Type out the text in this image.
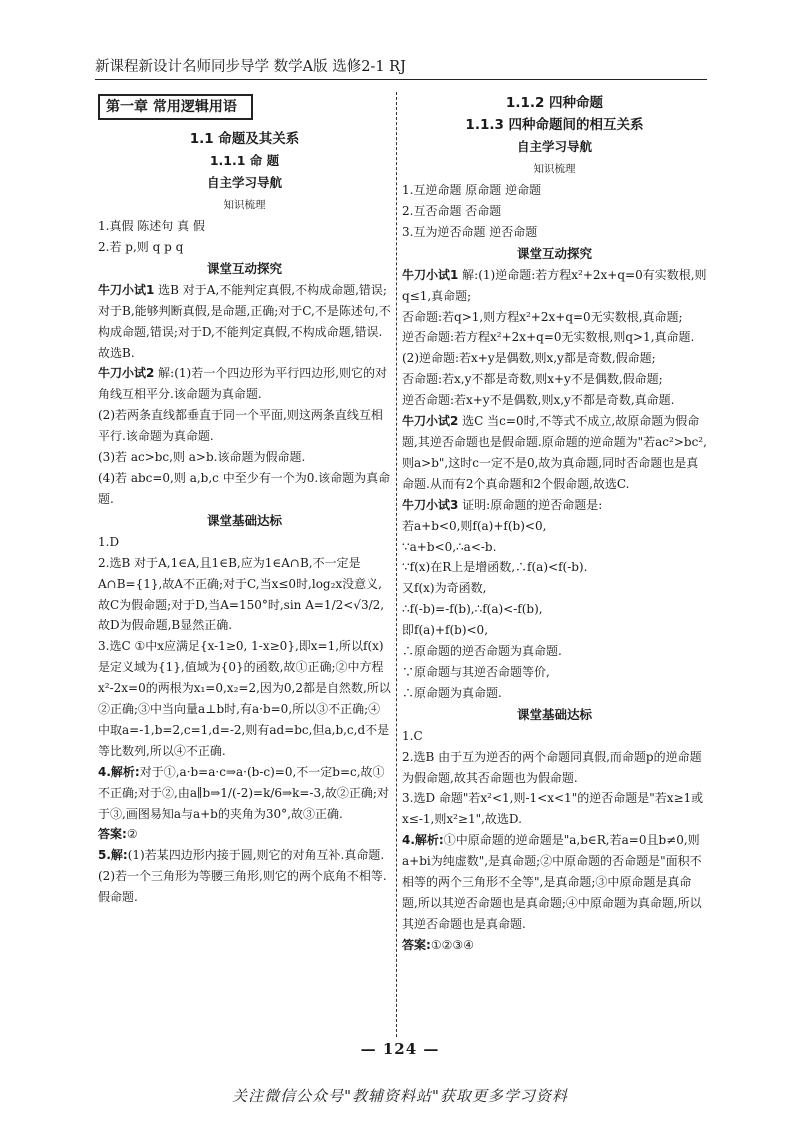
新课程新设计名师同步导学 数学A版 选修2-1 RJ
第一章 常用逻辑用语
1.1 命题及其关系
1.1.1 命 题
自主学习导航
知识梳理
1.真假 陈述句 真 假
2.若 p,则 q p q
课堂互动探究
牛刀小试1 选B 对于A,不能判定真假,不构成命题,错误;对于B,能够判断真假,是命题,正确;对于C,不是陈述句,不构成命题,错误;对于D,不能判定真假,不构成命题,错误.故选B.
牛刀小试2 解:(1)若一个四边形为平行四边形,则它的对角线互相平分.该命题为真命题.
(2)若两条直线都垂直于同一个平面,则这两条直线互相平行.该命题为真命题.
(3)若 ac>bc,则 a>b.该命题为假命题.
(4)若 abc=0,则 a,b,c 中至少有一个为0.该命题为真命题.
课堂基础达标
1.D
2.选B 对于A,1∈A,且1∈B,应为1∈A∩B,不一定是A∩B={1},故A不正确;对于C,当x≤0时,log₂x没意义,故C为假命题;对于D,当A=150°时,sin A=1/2<√3/2,故D为假命题,B显然正确.
3.选C ①中x应满足{x-1≥0, 1-x≥0},即x=1,所以f(x)是定义域为{1},值域为{0}的函数,故①正确;②中方程x²-2x=0的两根为x₁=0,x₂=2,因为0,2都是自然数,所以②正确;③中当向量a⊥b时,有a·b=0,所以③不正确;④中取a=-1,b=2,c=1,d=-2,则有ad=bc,但a,b,c,d不是等比数列,所以④不正确.
4.解析:对于①,a·b=a·c⇒a·(b-c)=0,不一定b=c,故①不正确;对于②,由a∥b⇒1/(-2)=k/6⇒k=-3,故②正确;对于③,画图易知a与a+b的夹角为30°,故③正确.
答案:②
5.解:(1)若某四边形内接于圆,则它的对角互补.真命题.
(2)若一个三角形为等腰三角形,则它的两个底角不相等.假命题.
1.1.2 四种命题
1.1.3 四种命题间的相互关系
自主学习导航
知识梳理
1.互逆命题 原命题 逆命题
2.互否命题 否命题
3.互为逆否命题 逆否命题
课堂互动探究
牛刀小试1 解:(1)逆命题:若方程x²+2x+q=0有实数根,则q≤1,真命题;
否命题:若q>1,则方程x²+2x+q=0无实数根,真命题;
逆否命题:若方程x²+2x+q=0无实数根,则q>1,真命题.
(2)逆命题:若x+y是偶数,则x,y都是奇数,假命题;
否命题:若x,y不都是奇数,则x+y不是偶数,假命题;
逆否命题:若x+y不是偶数,则x,y不都是奇数,真命题.
牛刀小试2 选C 当c=0时,不等式不成立,故原命题为假命题,其逆否命题也是假命题.原命题的逆命题为"若ac²>bc²,则a>b",这时c一定不是0,故为真命题,同时否命题也是真命题.从而有2个真命题和2个假命题,故选C.
牛刀小试3 证明:原命题的逆否命题是:
若a+b<0,则f(a)+f(b)<0,
∵a+b<0,∴a<-b.
∵f(x)在R上是增函数,∴f(a)<f(-b).
又f(x)为奇函数,
∴f(-b)=-f(b),∴f(a)<-f(b),
即f(a)+f(b)<0,
∴原命题的逆否命题为真命题.
∵原命题与其逆否命题等价,
∴原命题为真命题.
课堂基础达标
1.C
2.选B 由于互为逆否的两个命题同真假,而命题p的逆命题为假命题,故其否命题也为假命题.
3.选D 命题"若x²<1,则-1<x<1"的逆否命题是"若x≥1或x≤-1,则x²≥1",故选D.
4.解析:①中原命题的逆命题是"a,b∈R,若a=0且b≠0,则a+bi为纯虚数",是真命题;②中原命题的否命题是"面积不相等的两个三角形不全等",是真命题;③中原命题是真命题,所以其逆否命题也是真命题;④中原命题为真命题,所以其逆否命题也是真命题.
答案:①②③④
— 124 —
关注微信公众号"教辅资料站"获取更多学习资料
